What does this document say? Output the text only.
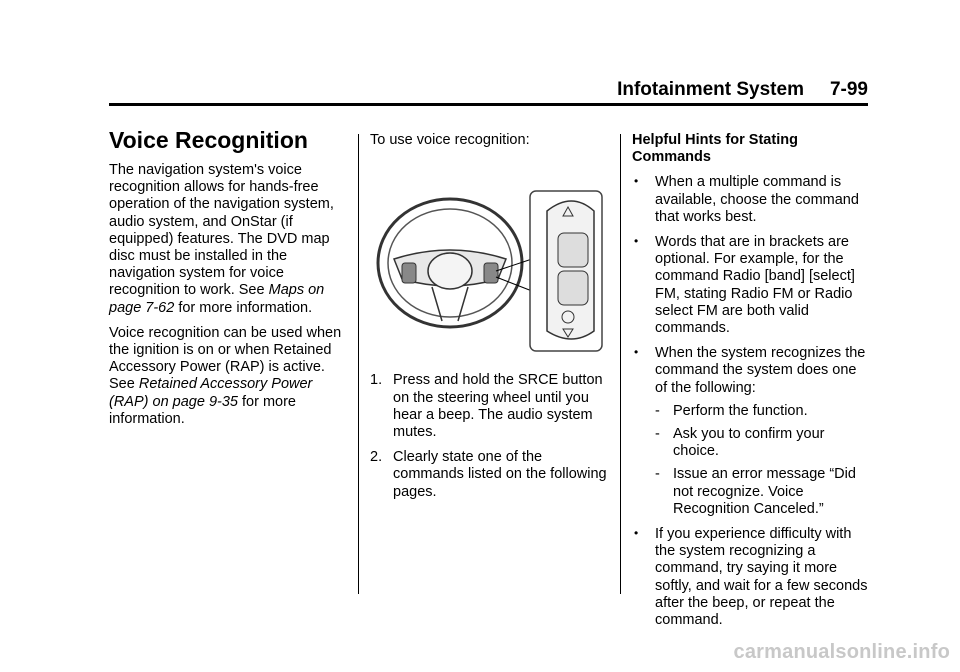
Infotainment System 7-99
Voice Recognition

The navigation system's voice recognition allows for hands-free operation of the navigation system, audio system, and OnStar (if equipped) features. The DVD map disc must be installed in the navigation system for voice recognition to work. See Maps on page 7-62 for more information.

Voice recognition can be used when the ignition is on or when Retained Accessory Power (RAP) is active. See Retained Accessory Power (RAP) on page 9-35 for more information.

To use voice recognition:

1. Press and hold the SRCE button on the steering wheel until you hear a beep. The audio system mutes.
2. Clearly state one of the commands listed on the following pages.
Helpful Hints for Stating Commands
• When a multiple command is available, choose the command that works best.
• Words that are in brackets are optional. For example, for the command Radio [band] [select] FM, stating Radio FM or Radio select FM are both valid commands.
• When the system recognizes the command the system does one of the following:
- Perform the function.
- Ask you to confirm your choice.
- Issue an error message “Did not recognize. Voice Recognition Canceled.”
• If you experience difficulty with the system recognizing a command, try saying it more softly, and wait for a few seconds after the beep, or repeat the command.
carmanualsonline.info
